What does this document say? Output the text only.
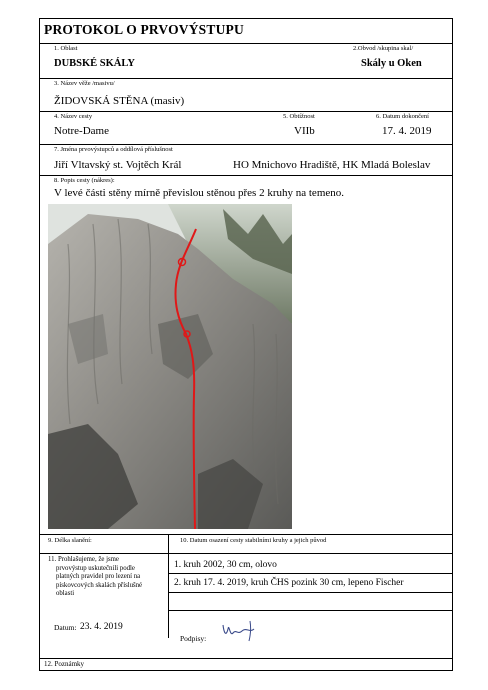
PROTOKOL O PRVOVÝSTUPU
1. Oblast
DUBSKÉ SKÁLY
2.Obvod /skupina skal/
Skály u Oken
3. Název věže /masivu/
ŽIDOVSKÁ STĚNA (masiv)
4. Název cesty
Notre-Dame
5. Obtížnost
VIIb
6. Datum dokončení
17. 4. 2019
7. Jména prvovýstupců a oddílová příslušnost
Jiří Vltavský st. Vojtěch Král	HO Mnichovo Hradiště, HK Mladá Boleslav
8. Popis cesty (nákres):
V levé části stěny mírně převislou stěnou přes 2 kruhy na temeno.
9. Délka slanění:	10. Datum osazení cesty stabilními kruhy a jejich původ
11. Prohlašujeme, že jsme
prvovýstup uskutečnili podle
platných pravidel pro lezení na
pískovcových skalách příslušné
oblasti
1. kruh 2002, 30 cm, olovo
2. kruh 17. 4. 2019, kruh ČHS pozink 30 cm, lepeno Fischer
Datum: 23. 4. 2019
Podpisy:
12. Poznámky
